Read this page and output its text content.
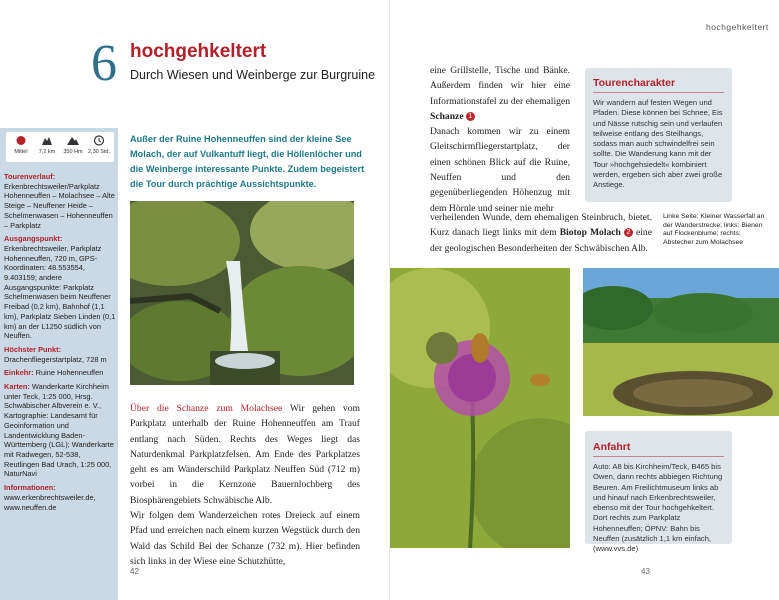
6 hochgehkeltert
Durch Wiesen und Weinberge zur Burgruine
Mittel	7,2 km	350 Hm 2,30 Std.

Tourenverlauf: Erkenbrechtsweiler/Parkplatz Hohenneuffen – Molachsee – Alte Steige – Neuffener Heide – Schelmenwasen – Hohenneuffen – Parkplatz

Ausgangspunkt: Erkenbrechtsweiler, Parkplatz Hohenneuffen, 720 m, GPS-Koordinaten: 48.553554, 9.403159; andere Ausgangspunkte: Parkplatz Schelmenwasen beim Neuffener Freibad (0,2 km), Bahnhof (1,1 km), Parkplatz Sieben Linden (0,1 km) an der L1250 südlich von Neuffen.

Höchster Punkt: Drachenfliegerstartplatz, 728 m

Einkehr: Ruine Hohenneuffen

Karten: Wanderkarte Kirchheim unter Teck, 1:25 000, Hrsg. Schwäbischer Albverein e. V., Kartographie: Landesamt für Geoinformation und Landentwicklung Baden-Württemberg (LGL); Wanderkarte mit Radwegen, 52-538, Reutlingen Bad Urach, 1:25 000, NaturNavi

Informationen:
www.erkenbrechtsweiler.de, www.neuffen.de

Außer der Ruine Hohenneuffen sind der kleine See Molach, der auf Vulkantuff liegt, die Höllenlöcher und die Weinberge interessante Punkte. Zudem begeistert die Tour durch prächtige Aussichtspunkte.
Über die Schanze zum Molachsee Wir gehen vom Parkplatz unterhalb der Ruine Hohenneuffen am Trauf entlang nach Süden. Rechts des Weges liegt das Naturdenkmal Parkplatzfelsen. Am Ende des Parkplatzes geht es am Wanderschild Parkplatz Neuffen Süd (712 m) vorbei in die Kernzone Bauernlochberg des Biosphärengebiets Schwäbische Alb.
Wir folgen dem Wanderzeichen rotes Dreieck auf einem Pfad und erreichen nach einem kurzen Wegstück durch den Wald das Schild Bei der Schanze (732 m). Hier befinden sich links in der Wiese eine Schutzhütte,
42
hochgehkeltert
eine Grillstelle, Tische und Bänke. Außerdem finden wir hier eine Informationstafel zu der ehemaligen Schanze 1
Danach kommen wir zu einem Gleitschirmfliegerstartplatz, der einen schönen Blick auf die Ruine, Neuffen und den gegenüberliegenden Höhenzug mit dem Hörnle und seiner nie mehr
verheilenden Wunde, dem ehemaligen Steinbruch, bietet. Kurz danach liegt links mit dem Biotop Molach 2 eine der geologischen Besonderheiten der Schwäbischen Alb.
Tourencharakter

Wir wandern auf festen Wegen und Pfaden. Diese können bei Schnee, Eis und Nässe rutschig sein und verlaufen teilweise entlang des Steilhangs, sodass man auch schwindelfrei sein sollte. Die Wanderung kann mit der Tour »hochgehsiedelt« kombiniert werden, ergeben sich aber zwei große Anstiege.

Linke Seite: Kleiner Wasserfall an der Wanderstrecke; links: Bienen auf Flockenblume; rechts: Abstecher zum Molachsee
Anfahrt

Auto: A8 bis Kirchheim/Teck, B465 bis Owen, dann rechts abbiegen Richtung Beuren. Am Freilichtmuseum links ab und hinauf nach Erkenbrechtsweiler, ebenso mit der Tour hochgehkeltert. Dort rechts zum Parkplatz Hohenneuffen; ÖPNV: Bahn bis Neuffen (zusätzlich 1,1 km einfach, (www.vvs.de)

43
